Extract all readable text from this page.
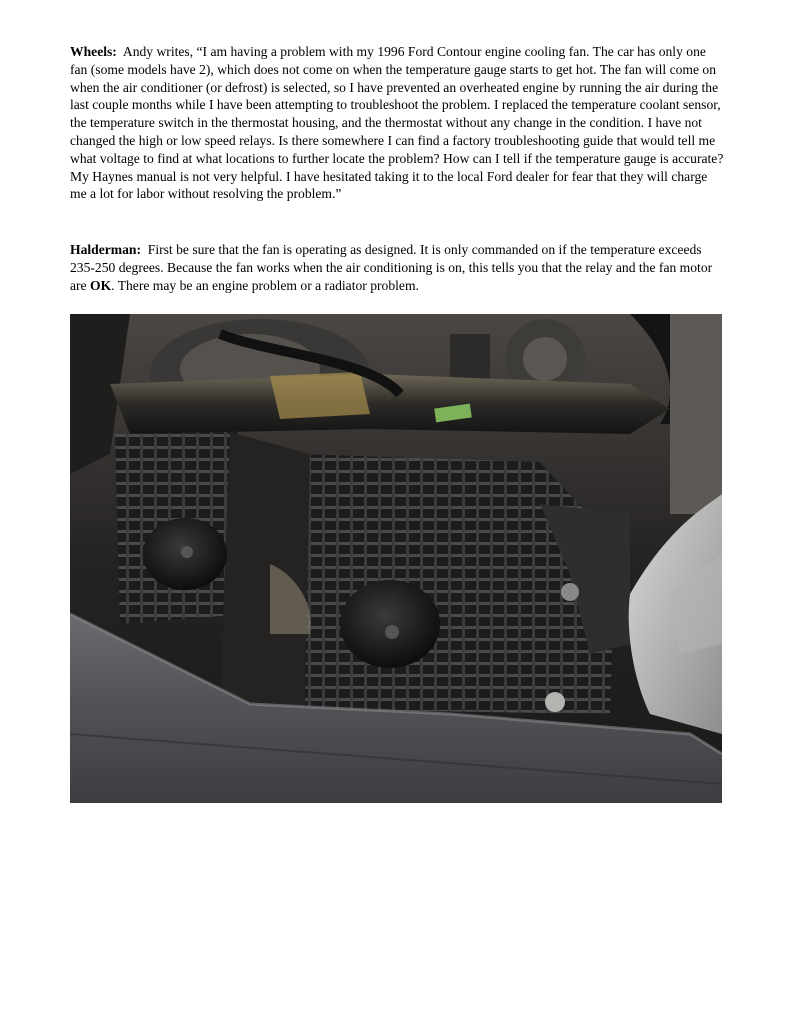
Wheels: Andy writes, “I am having a problem with my 1996 Ford Contour engine cooling fan. The car has only one fan (some models have 2), which does not come on when the temperature gauge starts to get hot. The fan will come on when the air conditioner (or defrost) is selected, so I have prevented an overheated engine by running the air during the last couple months while I have been attempting to troubleshoot the problem. I replaced the temperature coolant sensor, the temperature switch in the thermostat housing, and the thermostat without any change in the condition. I have not changed the high or low speed relays. Is there somewhere I can find a factory troubleshooting guide that would tell me what voltage to find at what locations to further locate the problem? How can I tell if the temperature gauge is accurate? My Haynes manual is not very helpful. I have hesitated taking it to the local Ford dealer for fear that they will charge me a lot for labor without resolving the problem.”

Halderman: First be sure that the fan is operating as designed. It is only commanded on if the temperature exceeds 235-250 degrees. Because the fan works when the air conditioning is on, this tells you that the relay and the fan motor are OK. There may be an engine problem or a radiator problem.
